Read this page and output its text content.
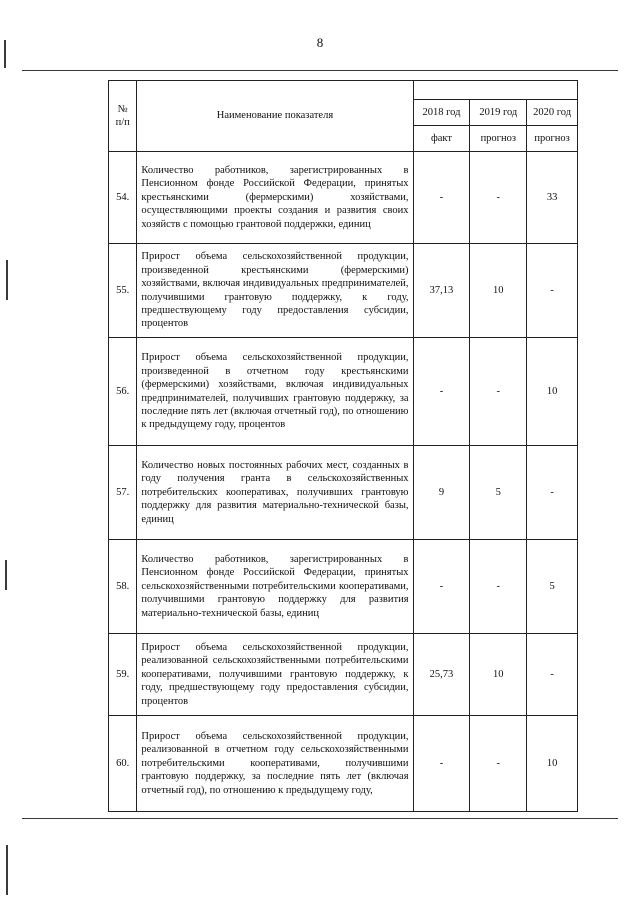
8
№ п/п	Наименование показателя			
		2018 год	2019 год	2020 год
		факт	прогноз	прогноз
54.	Количество работников, зарегистрированных в Пенсионном фонде Российской Федерации, принятых крестьянскими (фермерскими) хозяйствами, осуществляющими проекты создания и развития своих хозяйств с помощью грантовой поддержки, единиц	-	-	33
55.	Прирост объема сельскохозяйственной продукции, произведенной крестьянскими (фермерскими) хозяйствами, включая индивидуальных предпринимателей, получившими грантовую поддержку, к году, предшествующему году предоставления субсидии, процентов	37,13	10	-
56.	Прирост объема сельскохозяйственной продукции, произведенной в отчетном году крестьянскими (фермерскими) хозяйствами, включая индивидуальных предпринимателей, получивших грантовую поддержку, за последние пять лет (включая отчетный год), по отношению к предыдущему году, процентов	-	-	10
57.	Количество новых постоянных рабочих мест, созданных в году получения гранта в сельскохозяйственных потребительских кооперативах, получивших грантовую поддержку для развития материально-технической базы, единиц	9	5	-
58.	Количество работников, зарегистрированных в Пенсионном фонде Российской Федерации, принятых сельскохозяйственными потребительскими кооперативами, получившими грантовую поддержку для развития материально-технической базы, единиц	-	-	5
59.	Прирост объема сельскохозяйственной продукции, реализованной сельскохозяйственными потребительскими кооперативами, получившими грантовую поддержку, к году, предшествующему году предоставления субсидии, процентов	25,73	10	-
60.	Прирост объема сельскохозяйственной продукции, реализованной в отчетном году сельскохозяйственными потребительскими кооперативами, получившими грантовую поддержку, за последние пять лет (включая отчетный год), по отношению к предыдущему году,	-	-	10
